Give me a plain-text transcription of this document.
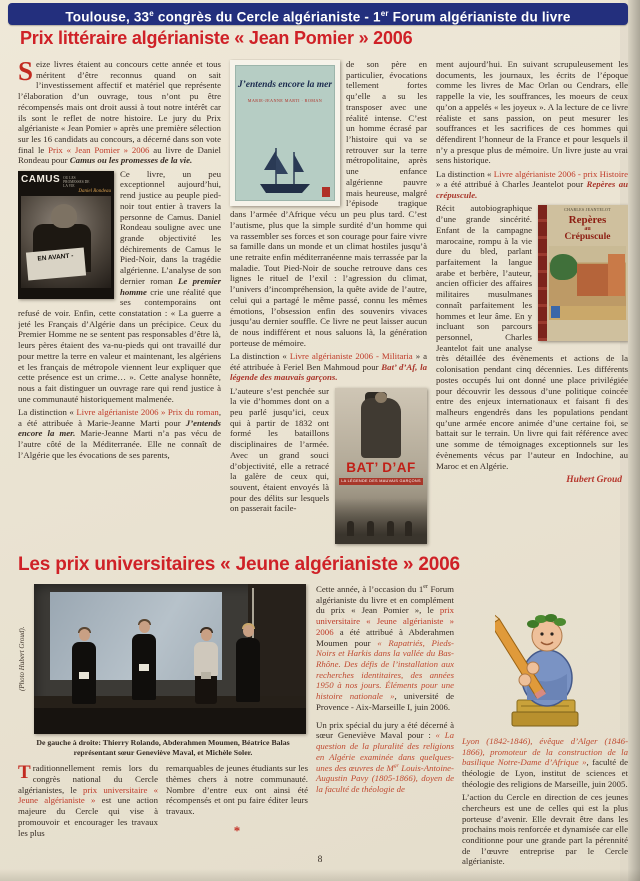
Toulouse, 33e congrès du Cercle algérianiste - 1er Forum algérianiste du livre
Prix littéraire algérianiste « Jean Pomier » 2006

Seize livres étaient au concours cette année et tous méritent d’être reconnus quand on sait l’investissement affectif et matériel que représente l’élaboration d’un ouvrage, tous n’ont pu être récompensés mais ont droit aussi à tout notre intérêt car ils sont le reflet de notre histoire. Le jury du Prix algérianiste « Jean Pomier » après une première sélection sur les 16 candidats au concours, a décerné dans son vote final le Prix « Jean Pomier » 2006 au livre de Daniel Rondeau pour Camus ou les promesses de la vie.

CAMUS OU LES PROMESSES DE LA VIE
Daniel Rondeau
EN AVANT -

Ce livre, un peu exceptionnel aujourd’hui, rend justice au peuple pied-noir tout entier à travers la personne de Camus. Daniel Rondeau souligne avec une grande objectivité les déchirements de Camus le Pied-Noir, dans la tragédie algérienne. L’analyse de son dernier roman Le premier homme crie une réalité que ses contemporains ont refusé de voir. Enfin, cette constatation : « La guerre a jeté les Français d’Algérie dans un précipice. Ceux du Premier Homme ne se sentent pas responsables d’être là, leurs pères étaient des va-nu-pieds qui ont travaillé dur pour mettre la terre en valeur et maintenant, les algériens et les français de métropole viennent leur expliquer que cette présence est un crime… ». Cette analyse honnête, nous a fait distinguer un ouvrage rare qui rend justice à une communauté historiquement malmenée.

La distinction « Livre algérianiste 2006 » Prix du roman, a été attribuée à Marie-Jeanne Marti pour J’entends encore la mer. Marie-Jeanne Marti n’a pas vécu de l’autre côté de la Méditerranée. Elle ne connaît de l’Algérie que les évocations de ses parents,

J’entends encore la mer
MARIE-JEANNE MARTI · ROMAN

de son père en particulier, évocations tellement fortes qu’elle a su les transposer avec une réalité intense. C’est un homme écrasé par l’histoire qui va se retrouver sur la terre métropolitaine, après une enfance algérienne pauvre mais heureuse, malgré l’épisode tragique dans l’armée d’Afrique vécu un peu plus tard. C’est l’autisme, plus que la simple surdité d’un homme qui va rassembler ses forces et son courage pour faire vivre sa famille dans un monde et un climat hostiles jusqu’à une retraite enfin méditerranéenne mais terrassée par la maladie. Tout Pied-Noir de souche retrouve dans ces lignes le rituel de l’exil : l’agression du climat, l’univers d’incompréhension, la quête avide de l’autre, celui qui a partagé le même passé, connu les mêmes émotions, l’obsession enfin des souvenirs vivaces jusqu’au dernier souffle. Ce livre ne peut laisser aucun de nous indifférent et nous saluons là, la génération porteuse de mémoire.

La distinction « Livre algérianiste 2006 - Militaria » a été attribuée à Feriel Ben Mahmoud pour Bat’ d’Af, la légende des mauvais garçons.

BAT’ D’AF
LA LÉGENDE DES MAUVAIS GARÇONS
L’auteure s’est penchée sur la vie d’hommes dont on a peu parlé jusqu’ici, ceux qui à partir de 1832 ont formé les bataillons disciplinaires de l’armée. Avec un grand souci d’objectivité, elle a retracé la galère de ceux qui, souvent, étaient envoyés là pour des délits sur lesquels on passerait facile-

ment aujourd’hui. En suivant scrupuleusement les documents, les journaux, les écrits de l’époque comme les livres de Mac Orlan ou Cendrars, elle rappelle la vie, les souffrances, les moeurs de ceux qu’on a appelés « les joyeux ». A la lecture de ce livre réaliste et sans passion, on peut mesurer les souffrances et les sacrifices de ces hommes qui défendirent l’honneur de la France et pour lesquels il n’y a presque plus de mémoire. Un livre juste au vrai sens historique.

La distinction « Livre algérianiste 2006 - prix Histoire » a été attribué à Charles Jeantelot pour Repères au crépuscule.

CHARLES JEANTELOT
Repères
au
Crépuscule
Récit autobiographique d’une grande sincérité. Enfant de la campagne marocaine, rompu à la vie dure du bled, parlant parfaitement la langue arabe et berbère, l’auteur, ancien officier des affaires militaires musulmanes connaît parfaitement les hommes et leur âme. En y incluant son parcours personnel, Charles Jeantelot fait une analyse très détaillée des évènements et actions de la colonisation pendant cinq décennies. Les différents postes occupés lui ont donné une place privilégiée pour découvrir les dessous d’une politique coincée entre des enjeux internationaux et faisant fi des malheurs engendrés dans les populations pendant qu’une armée encore animée d’une certaine foi, se battait sur le terrain. Un livre qui fait référence avec une somme de témoignages exceptionnels sur les évènements vécus par l’auteur en Indochine, au Maroc et en Algérie.

Hubert Groud
Les prix universitaires « Jeune algérianiste » 2006
(Photo Hubert Groud).
De gauche à droite: Thierry Rolando, Abderahmen Moumen, Béatrice Balas représentant sœur Geneviève Maval, et Michèle Soler.

Traditionnellement remis lors du congrès national du Cercle algérianistes, le prix universitaire « Jeune algérianiste » est une action majeure du Cercle qui vise à promouvoir et encourager les travaux les plus

remarquables de jeunes étudiants sur les thèmes chers à notre communauté. Nombre d’entre eux ont ainsi été récompensés et ont pu faire éditer leurs travaux.

*

Cette année, à l’occasion du 1er Forum algérianiste du livre et en complément du prix « Jean Pomier », le prix universitaire « Jeune algérianiste » 2006 a été attribué à Abderahmen Moumen pour « Rapatriés, Pieds-Noirs et Harkis dans la vallée du Bas-Rhône. Des défis de l’installation aux recherches identitaires, des années 1950 à nos jours. Éléments pour une histoire nationale », université de Provence - Aix-Marseille I, juin 2006.

Un prix spécial du jury a été décerné à sœur Geneviève Maval pour : « La question de la pluralité des religions en Algérie examinée dans quelques-unes des œuvres de $M^{gr}$ Louis-Antoine-Augustin Pavy (1805-1866), doyen de la faculté de théologie de

Lyon (1842-1846), évêque d’Alger (1846-1866), promoteur de la construction de la basilique Notre-Dame d’Afrique », faculté de théologie de Lyon, institut de sciences et théologie des religions de Marseille, juin 2005.

L’action du Cercle en direction de ces jeunes chercheurs est une de celles qui est la plus porteuse d’avenir. Elle devrait être dans les prochains mois renforcée et dynamisée car elle conditionne pour une grande part la pérennité de l’œuvre entreprise par le Cercle algérianiste.

8
